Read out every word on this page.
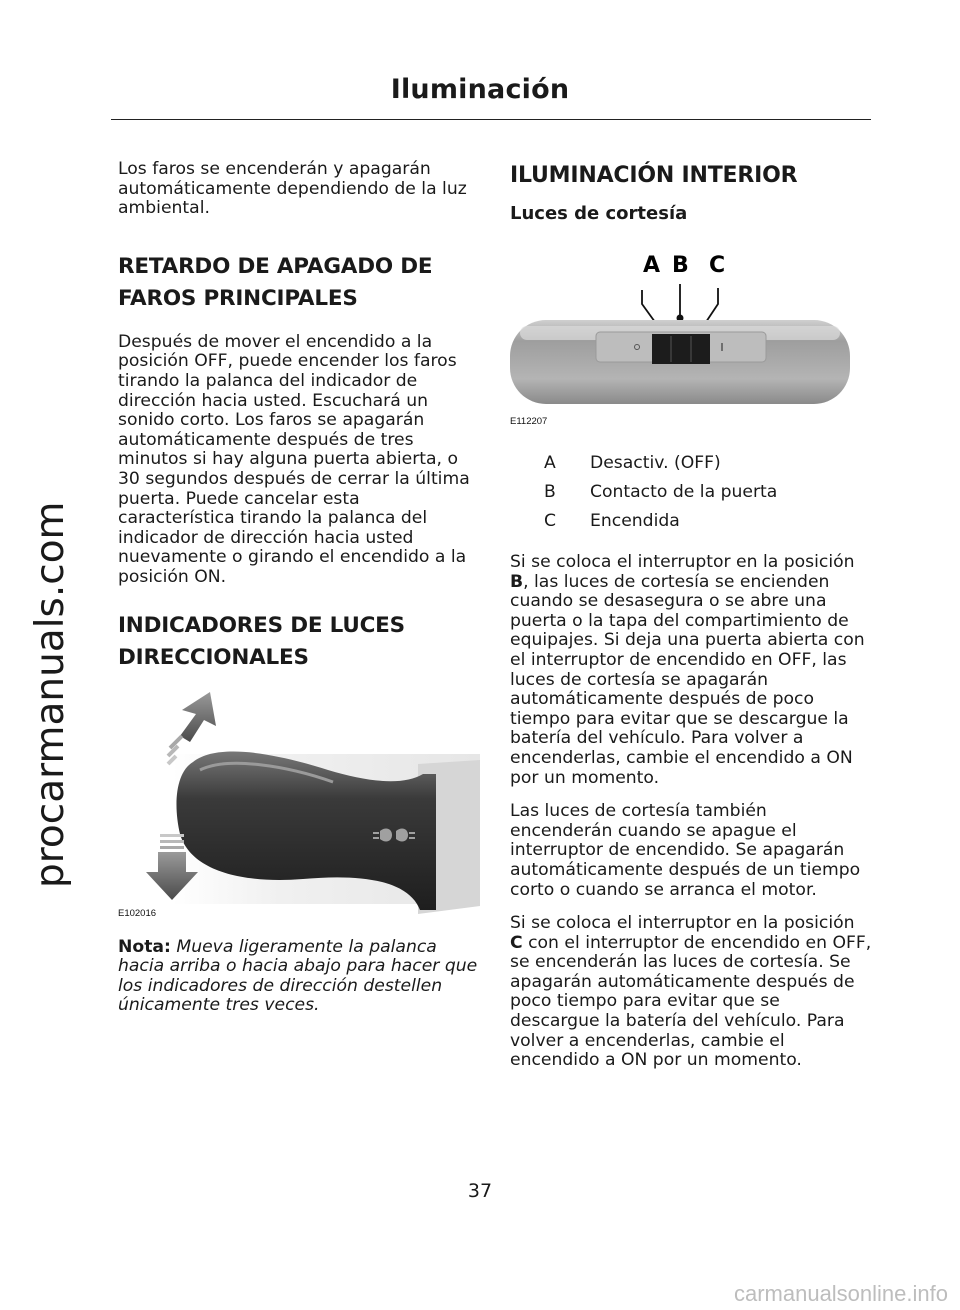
Iluminación
procarmanuals.com

Los faros se encenderán y apagarán automáticamente dependiendo de la luz ambiental.

RETARDO DE APAGADO DE
FAROS PRINCIPALES

Después de mover el encendido a la posición OFF, puede encender los faros tirando la palanca del indicador de dirección hacia usted. Escuchará un sonido corto. Los faros se apagarán automáticamente después de tres minutos si hay alguna puerta abierta, o 30 segundos después de cerrar la última puerta. Puede cancelar esta característica tirando la palanca del indicador de dirección hacia usted nuevamente o girando el encendido a la posición ON.

INDICADORES DE LUCES
DIRECCIONALES
E102016

Nota: Mueva ligeramente la palanca hacia arriba o hacia abajo para hacer que los indicadores de dirección destellen únicamente tres veces.

ILUMINACIÓN INTERIOR
Luces de cortesía
A B C
E112207
A	Desactiv. (OFF)
B	Contacto de la puerta
C	Encendida

Si se coloca el interruptor en la posición B, las luces de cortesía se encienden cuando se desasegura o se abre una puerta o la tapa del compartimiento de equipajes. Si deja una puerta abierta con el interruptor de encendido en OFF, las luces de cortesía se apagarán automáticamente después de poco tiempo para evitar que se descargue la batería del vehículo. Para volver a encenderlas, cambie el encendido a ON por un momento.

Las luces de cortesía también encenderán cuando se apague el interruptor de encendido. Se apagarán automáticamente después de un tiempo corto o cuando se arranca el motor.

Si se coloca el interruptor en la posición C con el interruptor de encendido en OFF, se encenderán las luces de cortesía. Se apagarán automáticamente después de poco tiempo para evitar que se descargue la batería del vehículo. Para volver a encenderlas, cambie el encendido a ON por un momento.

37
carmanualsonline.info
